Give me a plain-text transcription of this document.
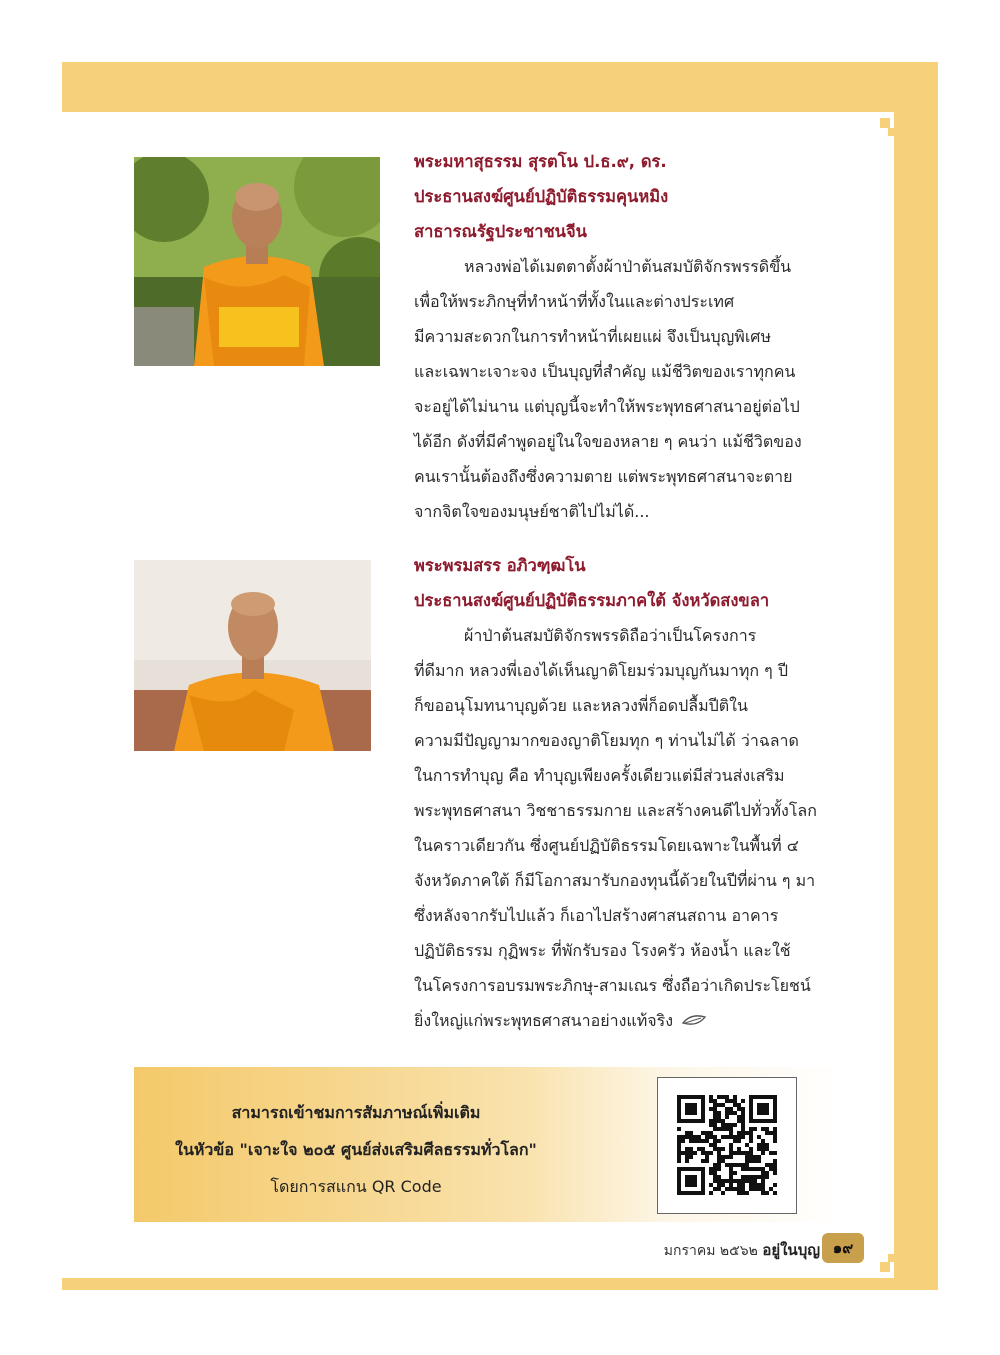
พระมหาสุธรรม สุรตโน ป.ธ.๙, ดร.
ประธานสงฆ์ศูนย์ปฏิบัติธรรมคุนหมิง
สาธารณรัฐประชาชนจีน

หลวงพ่อได้เมตตาตั้งผ้าป่าต้นสมบัติจักรพรรดิขึ้น

เพื่อให้พระภิกษุที่ทำหน้าที่ทั้งในและต่างประเทศ

มีความสะดวกในการทำหน้าที่เผยแผ่ จึงเป็นบุญพิเศษ

และเฉพาะเจาะจง เป็นบุญที่สำคัญ แม้ชีวิตของเราทุกคน

จะอยู่ได้ไม่นาน แต่บุญนี้จะทำให้พระพุทธศาสนาอยู่ต่อไป

ได้อีก ดังที่มีคำพูดอยู่ในใจของหลาย ๆ คนว่า แม้ชีวิตของ

คนเรานั้นต้องถึงซึ่งความตาย แต่พระพุทธศาสนาจะตาย

จากจิตใจของมนุษย์ชาติไปไม่ได้...

พระพรมสรร อภิวฑฺฒโน
ประธานสงฆ์ศูนย์ปฏิบัติธรรมภาคใต้ จังหวัดสงขลา

ผ้าป่าต้นสมบัติจักรพรรดิถือว่าเป็นโครงการ

ที่ดีมาก หลวงพี่เองได้เห็นญาติโยมร่วมบุญกันมาทุก ๆ ปี

ก็ขออนุโมทนาบุญด้วย และหลวงพี่ก็อดปลื้มปีติใน

ความมีปัญญามากของญาติโยมทุก ๆ ท่านไม่ได้ ว่าฉลาด

ในการทำบุญ คือ ทำบุญเพียงครั้งเดียวแต่มีส่วนส่งเสริม

พระพุทธศาสนา วิชชาธรรมกาย และสร้างคนดีไปทั่วทั้งโลก

ในคราวเดียวกัน ซึ่งศูนย์ปฏิบัติธรรมโดยเฉพาะในพื้นที่ ๔

จังหวัดภาคใต้ ก็มีโอกาสมารับกองทุนนี้ด้วยในปีที่ผ่าน ๆ มา

ซึ่งหลังจากรับไปแล้ว ก็เอาไปสร้างศาสนสถาน อาคาร

ปฏิบัติธรรม กุฏิพระ ที่พักรับรอง โรงครัว ห้องน้ำ และใช้

ในโครงการอบรมพระภิกษุ-สามเณร ซึ่งถือว่าเกิดประโยชน์

ยิ่งใหญ่แก่พระพุทธศาสนาอย่างแท้จริง

สามารถเข้าชมการสัมภาษณ์เพิ่มเติม
ในหัวข้อ "เจาะใจ ๒๐๕ ศูนย์ส่งเสริมศีลธรรมทั่วโลก"
โดยการสแกน QR Code
มกราคม ๒๕๖๒ อยู่ในบุญ ๑๙
